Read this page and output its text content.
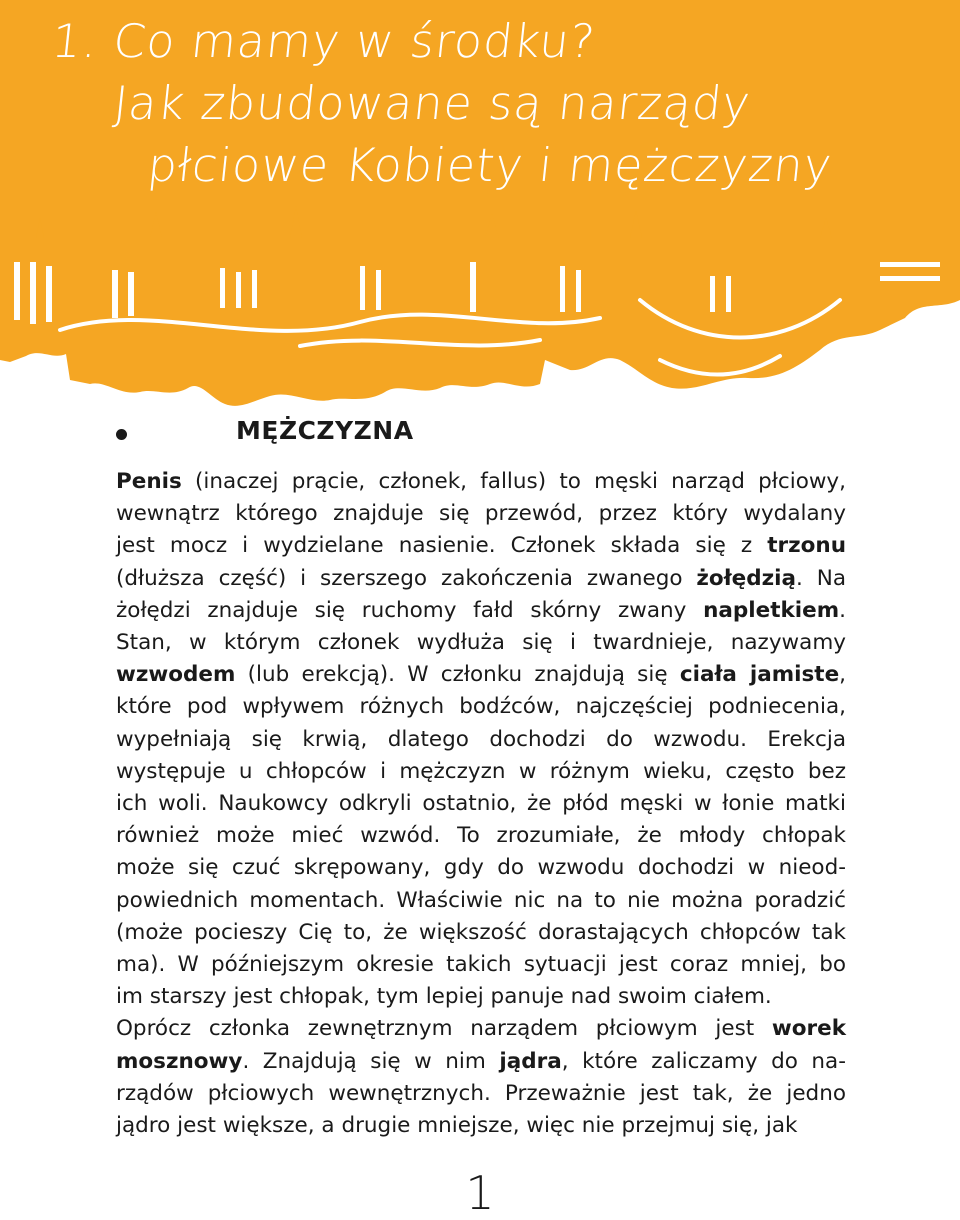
1. Co mamy w środku?
Jak zbudowane są narządy
płciowe Kobiety i mężczyzny
MĘŻCZYZNA
Penis (inaczej prącie, członek, fallus) to męski narząd płciowy,
wewnątrz którego znajduje się przewód, przez który wydalany
jest mocz i wydzielane nasienie. Członek składa się z trzonu
(dłuższa część) i szerszego zakończenia zwanego żołędzią. Na
żołędzi znajduje się ruchomy fałd skórny zwany napletkiem.
Stan, w którym członek wydłuża się i twardnieje, nazywamy
wzwodem (lub erekcją). W członku znajdują się ciała jamiste,
które pod wpływem różnych bodźców, najczęściej podniecenia,
wypełniają się krwią, dlatego dochodzi do wzwodu. Erekcja
występuje u chłopców i mężczyzn w różnym wieku, często bez
ich woli. Naukowcy odkryli ostatnio, że płód męski w łonie matki
również może mieć wzwód. To zrozumiałe, że młody chłopak
może się czuć skrępowany, gdy do wzwodu dochodzi w nieod-
powiednich momentach. Właściwie nic na to nie można poradzić
(może pocieszy Cię to, że większość dorastających chłopców tak
ma). W późniejszym okresie takich sytuacji jest coraz mniej, bo
im starszy jest chłopak, tym lepiej panuje nad swoim ciałem.
Oprócz członka zewnętrznym narządem płciowym jest worek
mosznowy. Znajdują się w nim jądra, które zaliczamy do na-
rządów płciowych wewnętrznych. Przeważnie jest tak, że jedno
jądro jest większe, a drugie mniejsze, więc nie przejmuj się, jak
1
